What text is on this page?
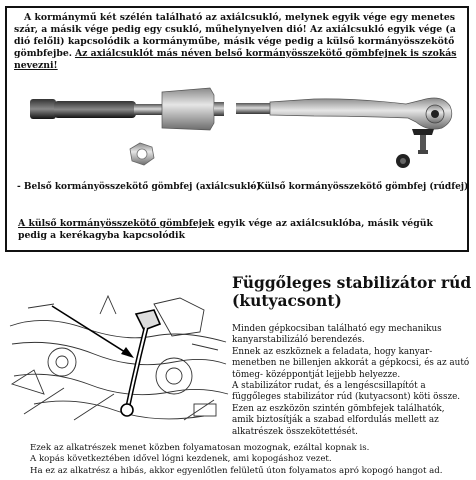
A kormánymű két szélén található az axiálcsukló, melynek egyik vége egy menetes szár, a másik vége pedig egy csukló, műhelynyelven dió! Az axiálcsukló egyik vége (a dió felőli) kapcsolódik a kormányműbe, másik vége pedig a külső kormányösszekötő gömbfejbe. Az axiálcsuklót más néven belső kormányösszekötő gömbfejnek is szokás nevezni!
- Belső kormányösszekötő gömbfej (axiálcsukló)
- Külső kormányösszekötő gömbfej (rúdfej)
A külső kormányösszekötő gömbfejek egyik vége az axiálcsuklóba, másik végük pedig a kerékagyba kapcsolódik
Függőleges stabilizátor rúd
(kutyacsont)
Minden gépkocsiban található egy mechanikus
kanyarstabilizáló berendezés.
Ennek az eszköznek a feladata, hogy kanyar-
menetben ne billenjen akkorát a gépkocsi, és az autó
tömeg- középpontját lejjebb helyezze.
A stabilizátor rudat, és a lengéscsillapítót a
függőleges stabilizátor rúd (kutyacsont) köti össze.
Ezen az eszközön szintén gömbfejek találhatók,
amik biztosítják a szabad elfordulás mellett az
alkatrészek összekötettését.
Ezek az alkatrészek menet közben folyamatosan mozognak, ezáltal kopnak is.
A kopás következtében idővel lógni kezdenek, ami kopogáshoz vezet.
Ha ez az alkatrész a hibás, akkor egyenlőtlen felületű úton folyamatos apró kopogó hangot ad.
